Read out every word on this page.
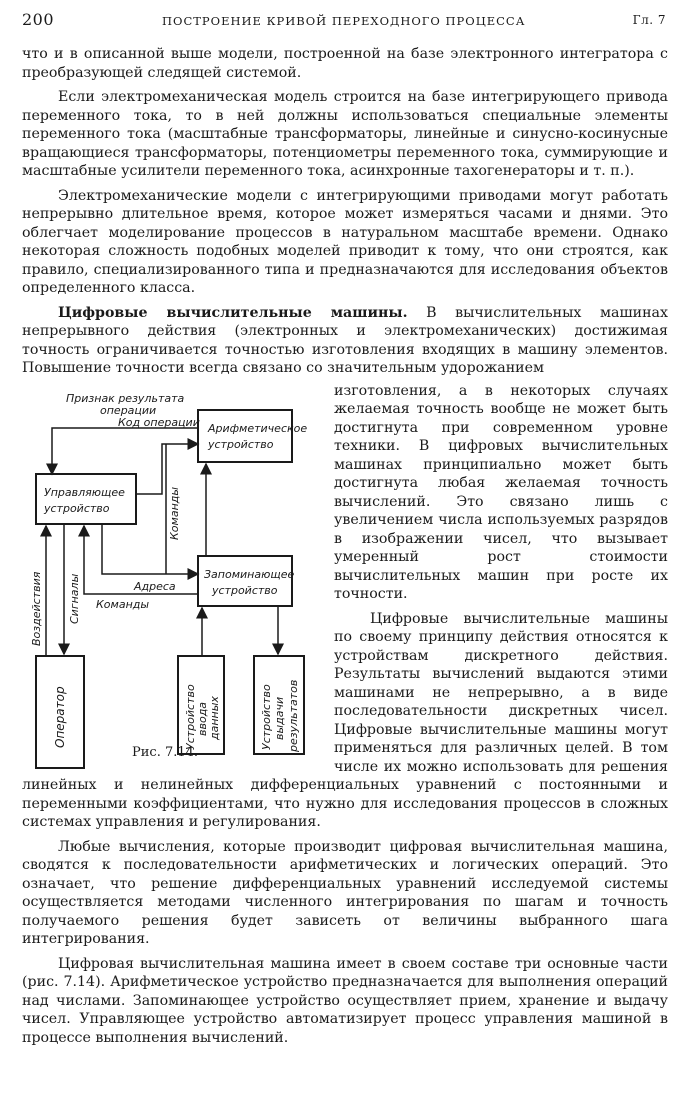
200	ПОСТРОЕНИЕ КРИВОЙ ПЕРЕХОДНОГО ПРОЦЕССА	Гл. 7

что и в описанной выше модели, построенной на базе электронного интегратора с преобразующей следящей системой.

Если электромеханическая модель строится на базе интегрирующего привода переменного тока, то в ней должны использоваться специальные элементы переменного тока (масштабные трансформаторы, линейные и синусно-косинусные вращающиеся трансформаторы, потенциометры переменного тока, суммирующие и масштабные усилители переменного тока, асинхронные тахогенераторы и т. п.).

Электромеханические модели с интегрирующими приводами могут работать непрерывно длительное время, которое может измеряться часами и днями. Это облегчает моделирование процессов в натуральном масштабе времени. Однако некоторая сложность подобных моделей приводит к тому, что они строятся, как правило, специализированного типа и предназначаются для исследования объектов определенного класса.

Цифровые вычислительные машины. В вычислительных машинах непрерывного действия (электронных и электромеханических) достижимая точность ограничивается точностью изготовления входящих в машину элементов. Повышение точности всегда связано со значительным удорожанием

Арифметическое
устройство
Управляющее
устройство
Запоминающее
устройство
Признак результата
операции
Код операции
Адреса
Команды
Команды
Воздействия Сигналы
Оператор	Устройство ввода данных	Устройство выдачи результатов
Рис. 7.14.

изготовления, а в некоторых случаях желаемая точность вообще не может быть достигнута при современном уровне техники. В цифровых вычислительных машинах принципиально может быть достигнута любая желаемая точность вычислений. Это связано лишь с увеличением числа используемых разрядов в изображении чисел, что вызывает умеренный рост стоимости вычислительных машин при росте их точности.

Цифровые вычислительные машины по своему принципу действия относятся к устройствам дискретного действия. Результаты вычислений выдаются этими машинами не непрерывно, а в виде последовательности дискретных чисел. Цифровые вычислительные машины могут применяться для различных целей. В том числе их можно использовать для решения линейных и нелинейных дифференциальных уравнений с постоянными и переменными коэффициентами, что нужно для исследования процессов в сложных системах управления и регулирования.

Любые вычисления, которые производит цифровая вычислительная машина, сводятся к последовательности арифметических и логических операций. Это означает, что решение дифференциальных уравнений исследуемой системы осуществляется методами численного интегрирования по шагам и точность получаемого решения будет зависеть от величины выбранного шага интегрирования.

Цифровая вычислительная машина имеет в своем составе три основные части (рис. 7.14). Арифметическое устройство предназначается для выполнения операций над числами. Запоминающее устройство осуществляет прием, хранение и выдачу чисел. Управляющее устройство автоматизирует процесс управления машиной в процессе выполнения вычислений.
